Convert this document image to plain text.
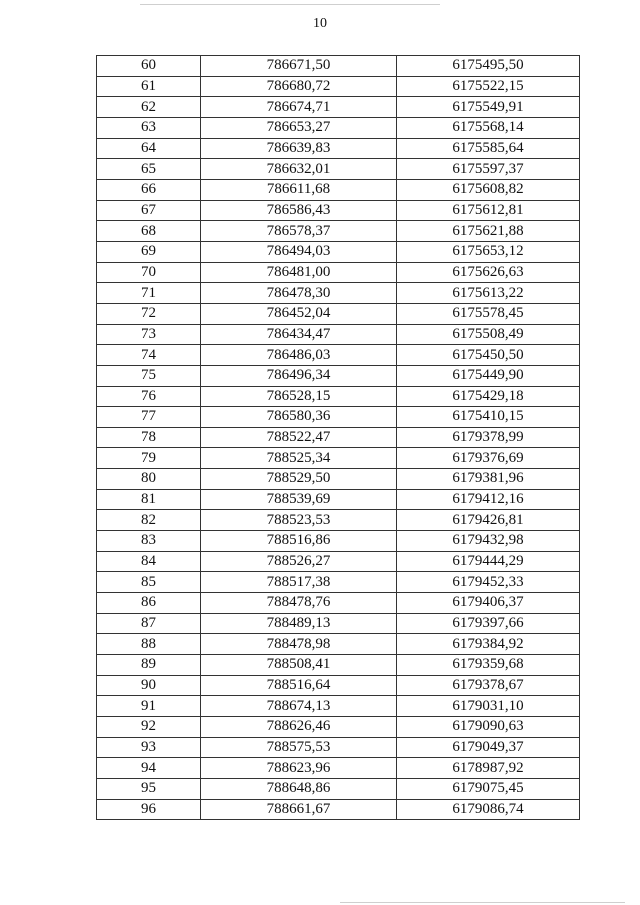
10
60	786671,50	6175495,50
61	786680,72	6175522,15
62	786674,71	6175549,91
63	786653,27	6175568,14
64	786639,83	6175585,64
65	786632,01	6175597,37
66	786611,68	6175608,82
67	786586,43	6175612,81
68	786578,37	6175621,88
69	786494,03	6175653,12
70	786481,00	6175626,63
71	786478,30	6175613,22
72	786452,04	6175578,45
73	786434,47	6175508,49
74	786486,03	6175450,50
75	786496,34	6175449,90
76	786528,15	6175429,18
77	786580,36	6175410,15
78	788522,47	6179378,99
79	788525,34	6179376,69
80	788529,50	6179381,96
81	788539,69	6179412,16
82	788523,53	6179426,81
83	788516,86	6179432,98
84	788526,27	6179444,29
85	788517,38	6179452,33
86	788478,76	6179406,37
87	788489,13	6179397,66
88	788478,98	6179384,92
89	788508,41	6179359,68
90	788516,64	6179378,67
91	788674,13	6179031,10
92	788626,46	6179090,63
93	788575,53	6179049,37
94	788623,96	6178987,92
95	788648,86	6179075,45
96	788661,67	6179086,74
